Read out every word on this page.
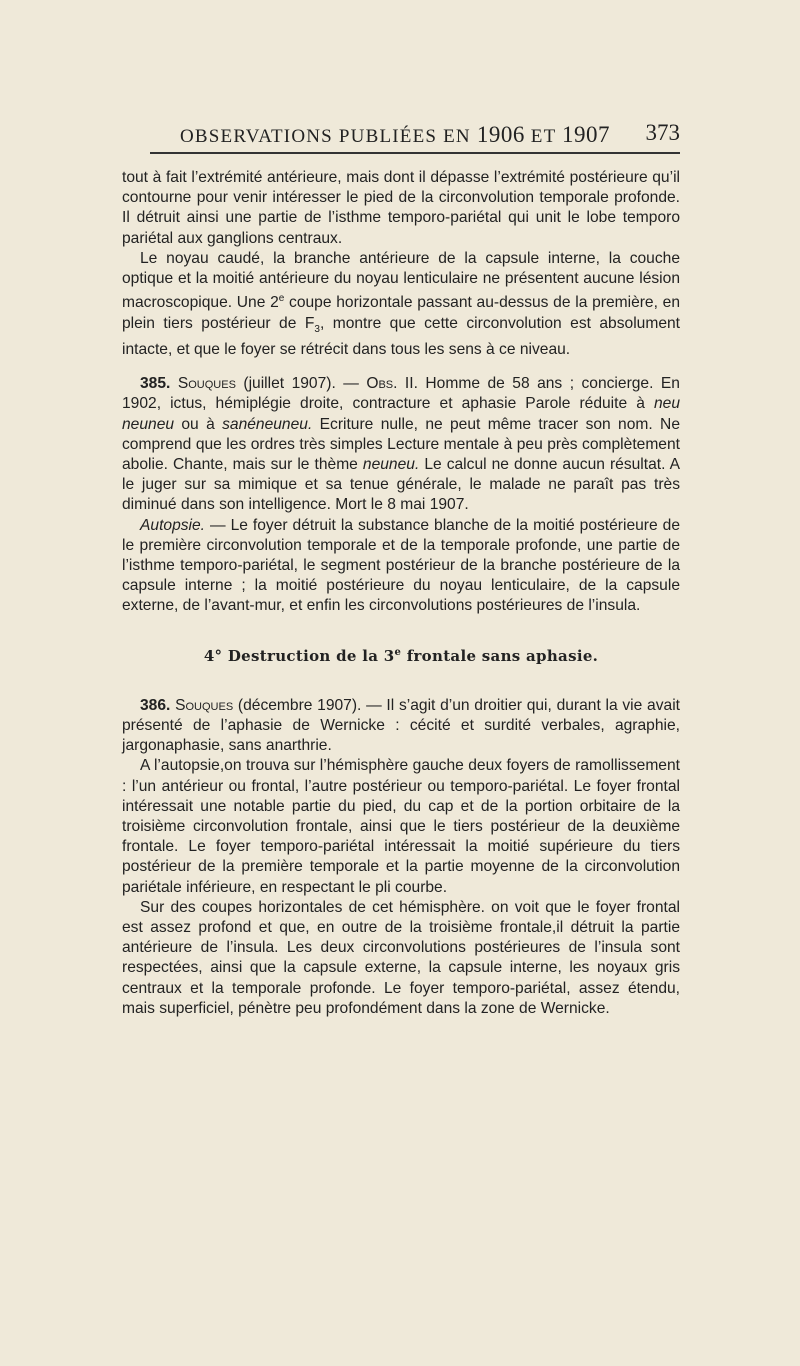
OBSERVATIONS PUBLIÉES EN 1906 ET 1907 373

tout à fait l’extrémité antérieure, mais dont il dépasse l’extrémité postérieure qu’il contourne pour venir intéresser le pied de la circonvolution temporale profonde. Il détruit ainsi une partie de l’isthme temporo-pariétal qui unit le lobe temporo pariétal aux ganglions centraux.

Le noyau caudé, la branche antérieure de la capsule interne, la couche optique et la moitié antérieure du noyau lenticulaire ne présentent aucune lésion macroscopique. Une 2e coupe horizontale passant au-dessus de la première, en plein tiers postérieur de $F_3$, montre que cette circonvolution est absolument intacte, et que le foyer se rétrécit dans tous les sens à ce niveau.

385. Souques (juillet 1907). — Obs. II. Homme de 58 ans ; concierge. En 1902, ictus, hémiplégie droite, contracture et aphasie Parole réduite à neu neuneu ou à sanéneuneu. Ecriture nulle, ne peut même tracer son nom. Ne comprend que les ordres très simples Lecture mentale à peu près complètement abolie. Chante, mais sur le thème neuneu. Le calcul ne donne aucun résultat. A le juger sur sa mimique et sa tenue générale, le malade ne paraît pas très diminué dans son intelligence. Mort le 8 mai 1907.

Autopsie. — Le foyer détruit la substance blanche de la moitié postérieure de le première circonvolution temporale et de la temporale profonde, une partie de l’isthme temporo-pariétal, le segment postérieur de la branche postérieure de la capsule interne ; la moitié postérieure du noyau lenticulaire, de la capsule externe, de l’avant-mur, et enfin les circonvolutions postérieures de l’insula.

4° Destruction de la 3e frontale sans aphasie.

386. Souques (décembre 1907). — Il s’agit d’un droitier qui, durant la vie avait présenté de l’aphasie de Wernicke : cécité et surdité verbales, agraphie, jargonaphasie, sans anarthrie.

A l’autopsie,on trouva sur l’hémisphère gauche deux foyers de ramollissement : l’un antérieur ou frontal, l’autre postérieur ou temporo-pariétal. Le foyer frontal intéressait une notable partie du pied, du cap et de la portion orbitaire de la troisième circonvolution frontale, ainsi que le tiers postérieur de la deuxième frontale. Le foyer temporo-pariétal intéressait la moitié supérieure du tiers postérieur de la première temporale et la partie moyenne de la circonvolution pariétale inférieure, en respectant le pli courbe.

Sur des coupes horizontales de cet hémisphère. on voit que le foyer frontal est assez profond et que, en outre de la troisième frontale,il détruit la partie antérieure de l’insula. Les deux circonvolutions postérieures de l’insula sont respectées, ainsi que la capsule externe, la capsule interne, les noyaux gris centraux et la temporale profonde. Le foyer temporo-pariétal, assez étendu, mais superficiel, pénètre peu profondément dans la zone de Wernicke.
